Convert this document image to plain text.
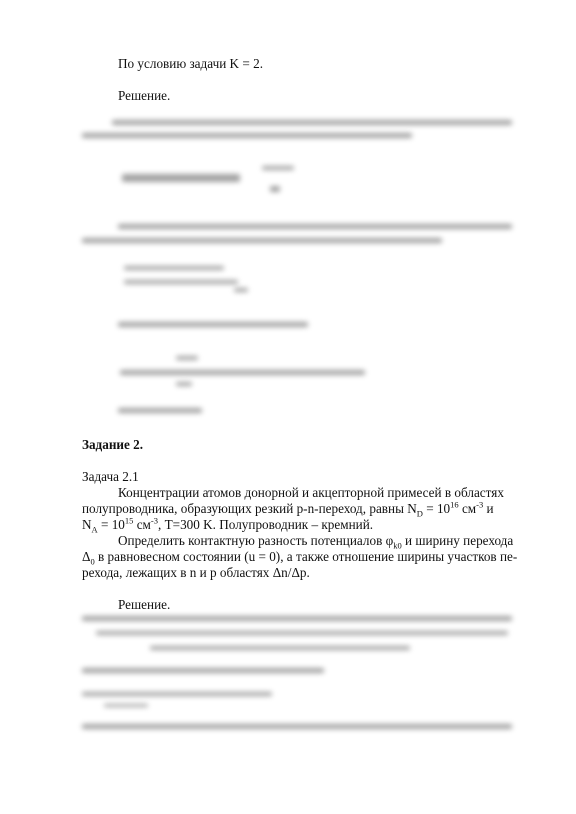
По условию задачи K = 2.
Решение.
Задание 2.
Задача 2.1
Концентрации атомов донорной и акцепторной примесей в областях
полупроводника, образующих резкий p-n-переход, равны $N_D = 10^{16}$ $см^{-3}$ и
$N_A = 10^{15}$ $см^{-3}$, T=300 K. Полупроводник – кремний.
Определить контактную разность потенциалов $\varphi_{k0}$ и ширину перехода
$\Delta_0$ в равновесном состоянии (u = 0), а также отношение ширины участков пе-
рехода, лежащих в n и p областях Δn/Δp.
Решение.
